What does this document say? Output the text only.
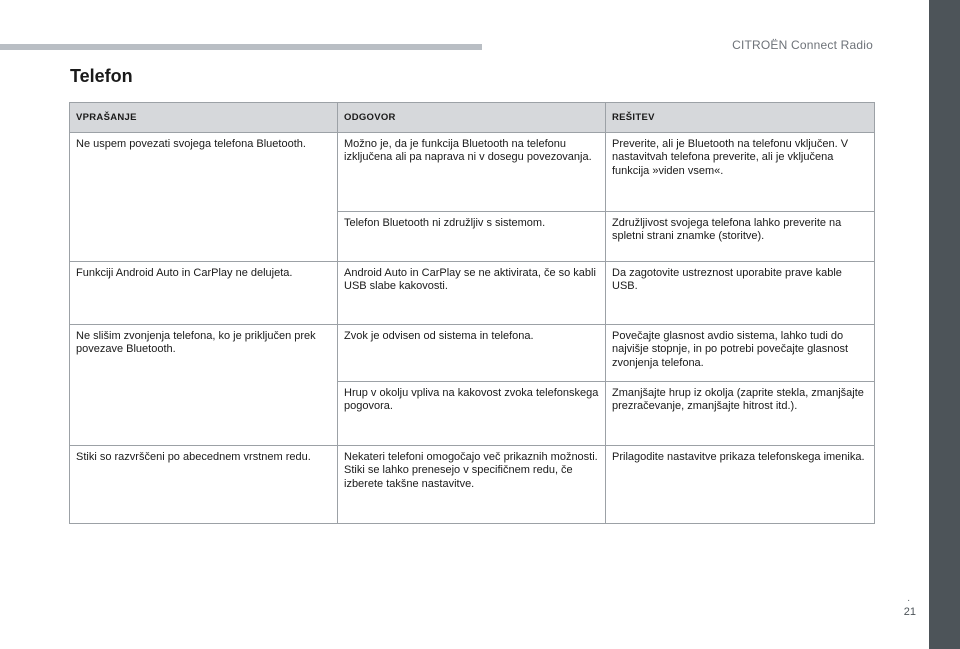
CITROËN Connect Radio
Telefon
VPRAŠANJE	ODGOVOR	REŠITEV
Ne uspem povezati svojega telefona Bluetooth.	Možno je, da je funkcija Bluetooth na telefonu izključena ali pa naprava ni v dosegu povezovanja.	Preverite, ali je Bluetooth na telefonu vključen. V nastavitvah telefona preverite, ali je vključena funkcija »viden vsem«.
	Telefon Bluetooth ni združljiv s sistemom.	Združljivost svojega telefona lahko preverite na spletni strani znamke (storitve).
Funkciji Android Auto in CarPlay ne delujeta.	Android Auto in CarPlay se ne aktivirata, če so kabli USB slabe kakovosti.	Da zagotovite ustreznost uporabite prave kable USB.
Ne slišim zvonjenja telefona, ko je priključen prek povezave Bluetooth.	Zvok je odvisen od sistema in telefona.	Povečajte glasnost avdio sistema, lahko tudi do najvišje stopnje, in po potrebi povečajte glasnost zvonjenja telefona.
	Hrup v okolju vpliva na kakovost zvoka telefonskega pogovora.	Zmanjšajte hrup iz okolja (zaprite stekla, zmanjšajte prezračevanje, zmanjšajte hitrost itd.).
Stiki so razvrščeni po abecednem vrstnem redu.	Nekateri telefoni omogočajo več prikaznih možnosti. Stiki se lahko prenesejo v specifičnem redu, če izberete takšne nastavitve.	Prilagodite nastavitve prikaza telefonskega imenika.
.
21
